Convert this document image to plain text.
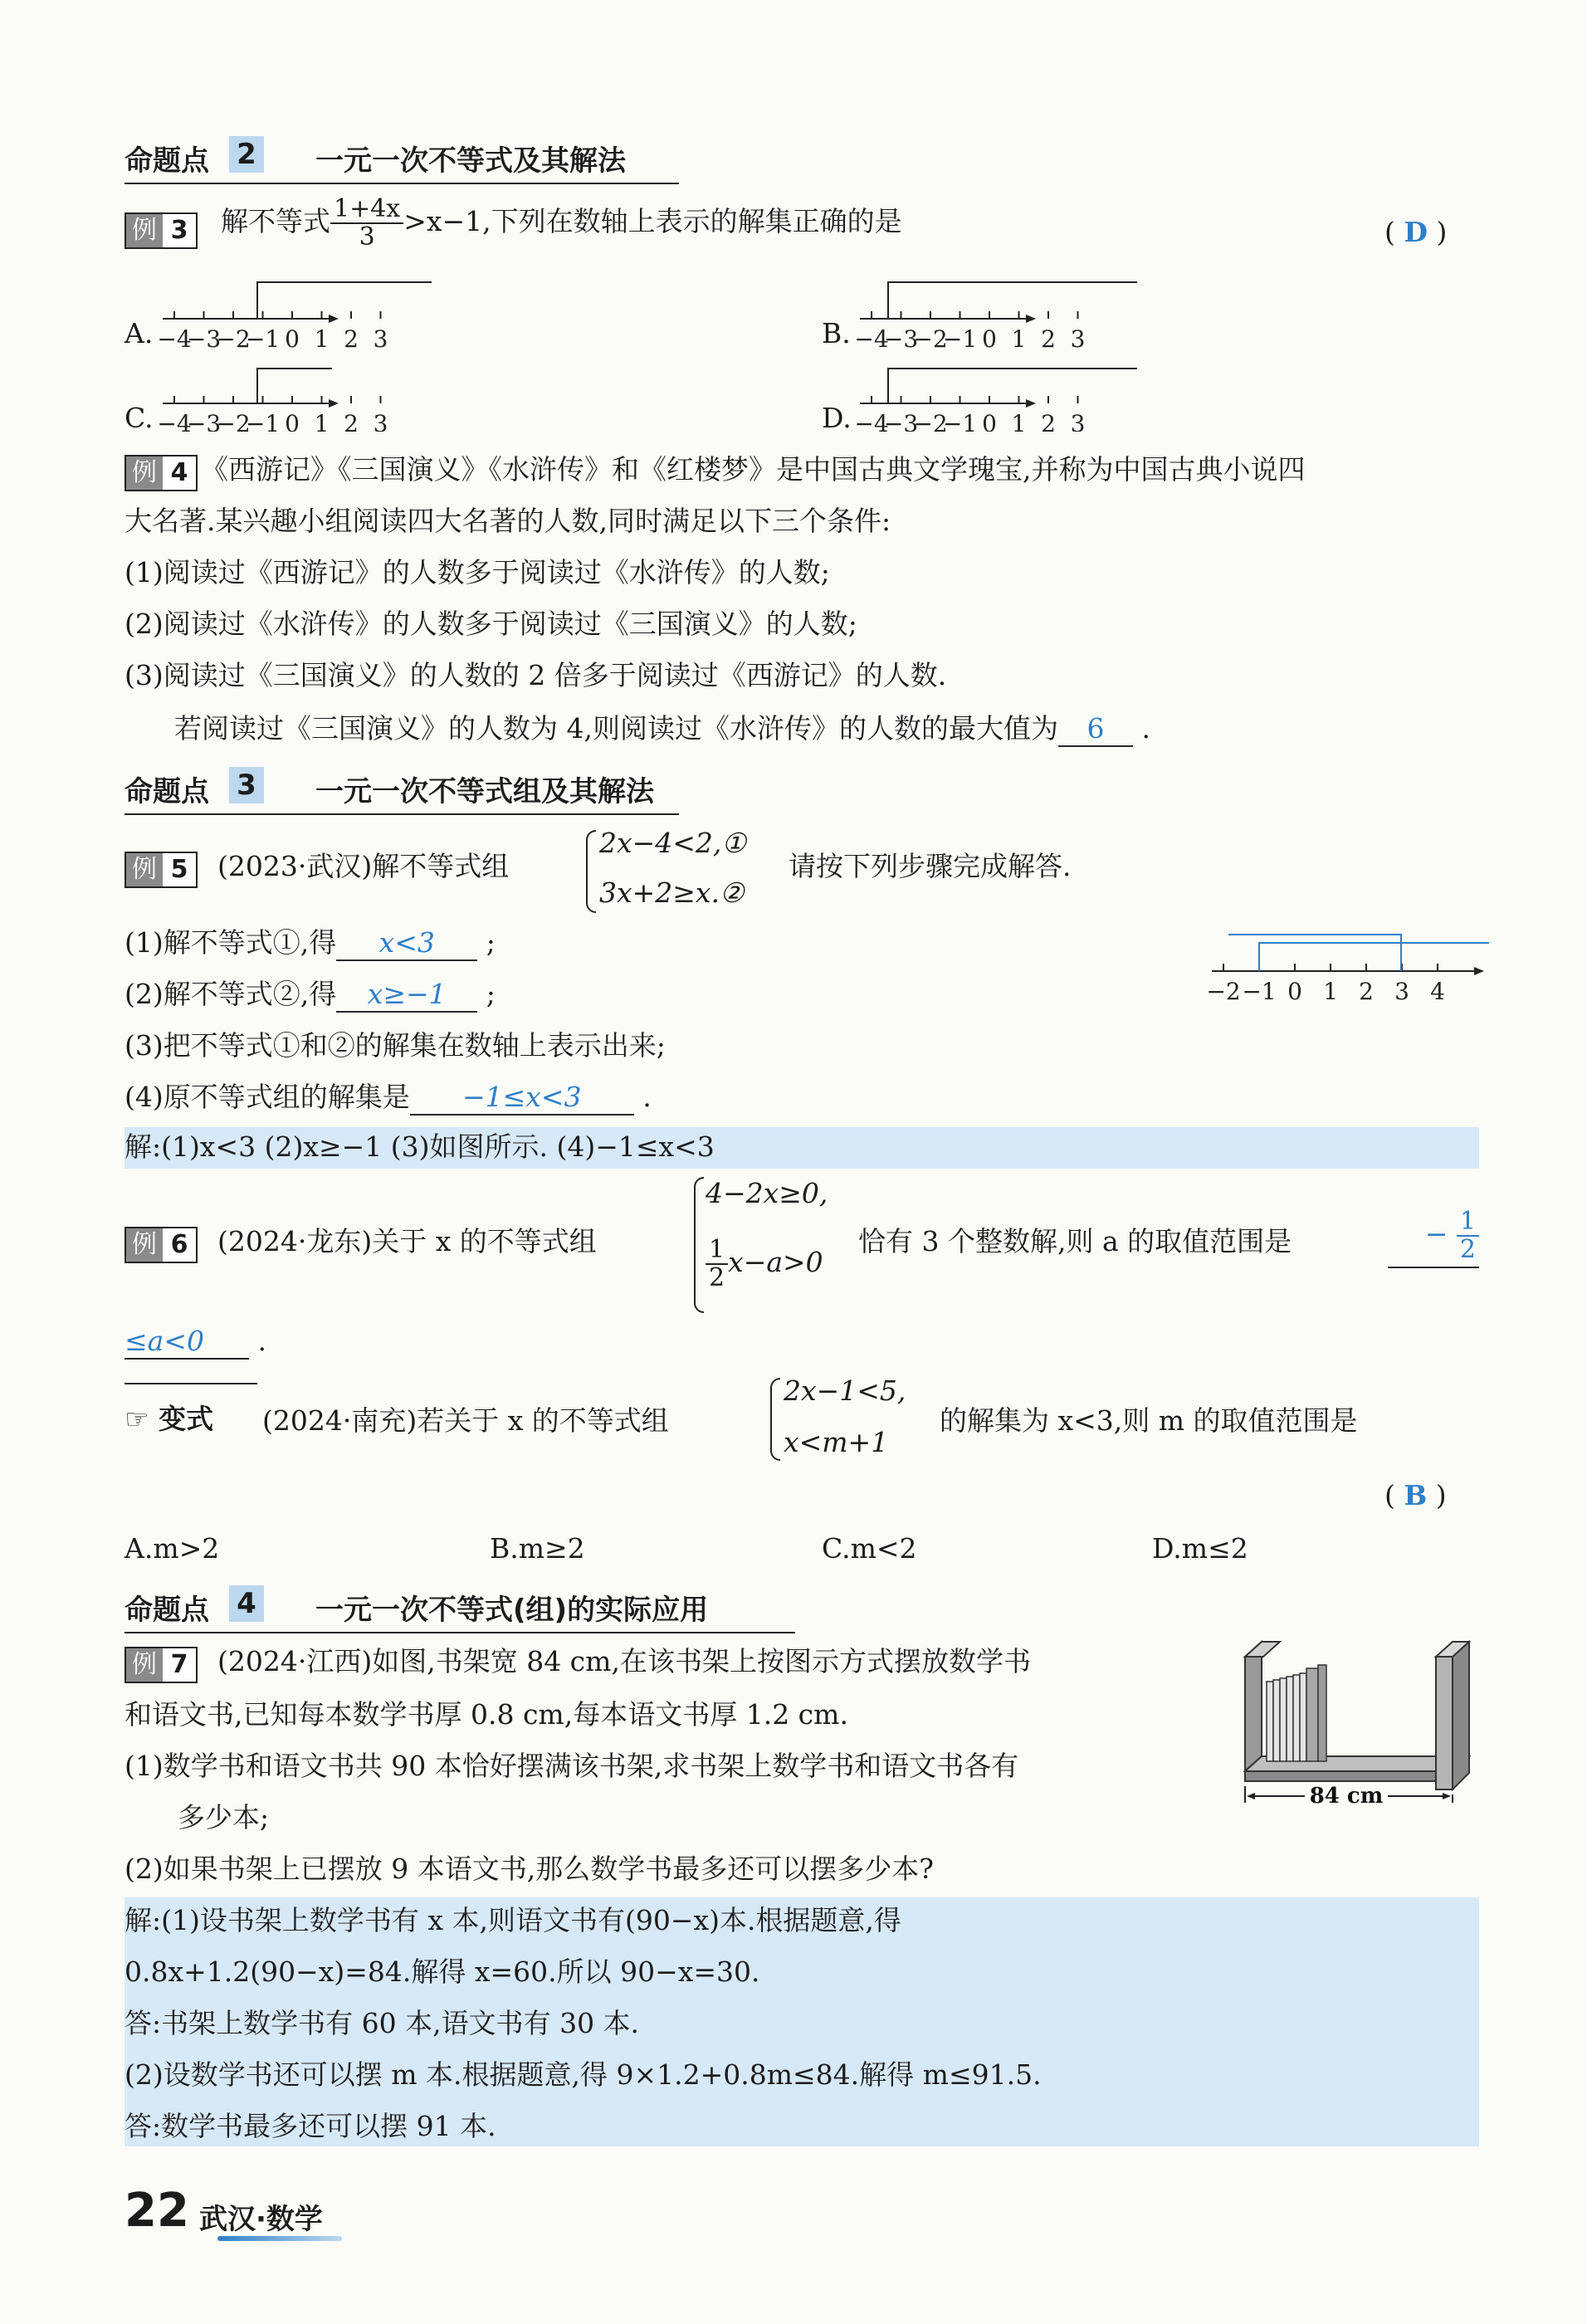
命题点 2 一元一次不等式及其解法
例 3	解不等式 $\frac{1+4x}{3} >x-1$,下列在数轴上表示的解集正确的是	( D )
−4
−3
−2
−1 0 1 2 3	−4
−3
−2
−1 0 1 2 3
−4
−3
−2
−1 0 1 2 3	−4
−3
−2
−1 0 1 2 3
A.	B.
C.	D.
例 4 《西游记》《三国演义》《水浒传》和《红楼梦》是中国古典文学瑰宝,并称为中国古典小说四
大名著.某兴趣小组阅读四大名著的人数,同时满足以下三个条件:
(1)阅读过《西游记》的人数多于阅读过《水浒传》的人数;
(2)阅读过《水浒传》的人数多于阅读过《三国演义》的人数;
(3)阅读过《三国演义》的人数的 2 倍多于阅读过《西游记》的人数.
若阅读过《三国演义》的人数为 4,则阅读过《水浒传》的人数的最大值为 6 .
命题点 3 一元一次不等式组及其解法
例 5	(2023·武汉)解不等式组
2x−4<2,①
3x+2≥x.②
请按下列步骤完成解答.
(1)解不等式①,得 x<3 ;
(2)解不等式②,得 x≥−1 ;
(3)把不等式①和②的解集在数轴上表示出来;
(4)原不等式组的解集是 −1≤x<3 .
−2 −1 0 1 2 3 4
解:(1)x<3 (2)x≥−1 (3)如图所示. (4)−1≤x<3
例 6	(2024·龙东)关于 x 的不等式组
4−2x≥0,
$\frac{1}{2} x-a>0$
恰有 3 个整数解,则 a 的取值范围是	− $\frac{1}{2}$
≤a<0 .
☞ 变式 (2024·南充)若关于 x 的不等式组
2x−1<5,
x<m+1
的解集为 x<3,则 m 的取值范围是
( B )
A.m>2	B.m≥2	C.m<2	D.m≤2
命题点 4 一元一次不等式(组)的实际应用
例 7	(2024·江西)如图,书架宽 84 cm,在该书架上按图示方式摆放数学书
和语文书,已知每本数学书厚 0.8 cm,每本语文书厚 1.2 cm.
(1)数学书和语文书共 90 本恰好摆满该书架,求书架上数学书和语文书各有
多少本;
(2)如果书架上已摆放 9 本语文书,那么数学书最多还可以摆多少本?
84 cm
解:(1)设书架上数学书有 x 本,则语文书有(90−x)本.根据题意,得
0.8x+1.2(90−x)=84.解得 x=60.所以 90−x=30.
答:书架上数学书有 60 本,语文书有 30 本.
(2)设数学书还可以摆 m 本.根据题意,得 9×1.2+0.8m≤84.解得 m≤91.5.
答:数学书最多还可以摆 91 本.
22 武汉·数学
